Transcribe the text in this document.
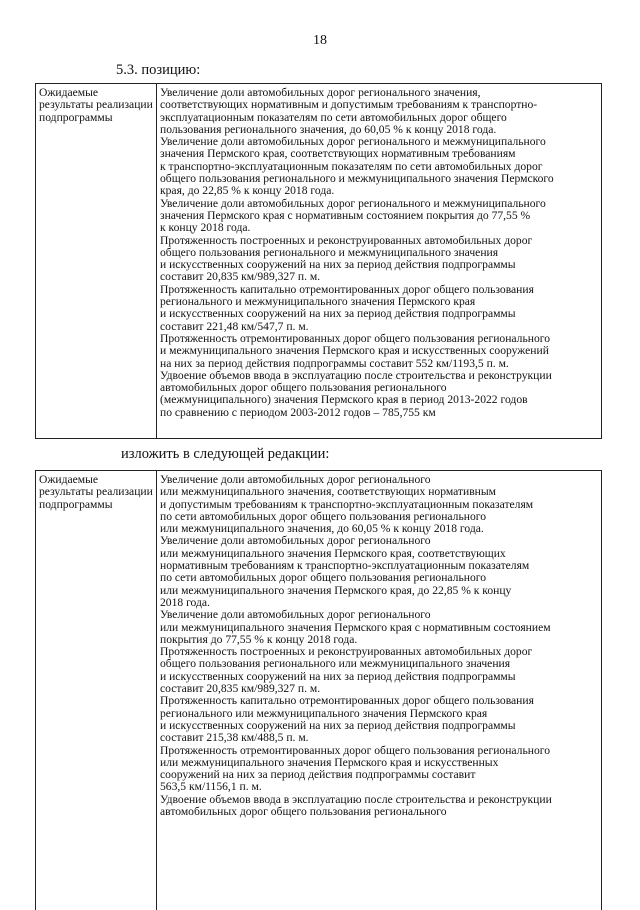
18
5.3. позицию:
Ожидаемые
результаты реализации
подпрограммы

Увеличение доли автомобильных дорог регионального значения,
соответствующих нормативным и допустимым требованиям к транспортно-
эксплуатационным показателям по сети автомобильных дорог общего
пользования регионального значения, до 60,05 % к концу 2018 года.
Увеличение доли автомобильных дорог регионального и межмуниципального
значения Пермского края, соответствующих нормативным требованиям
к транспортно-эксплуатационным показателям по сети автомобильных дорог
общего пользования регионального и межмуниципального значения Пермского
края, до 22,85 % к концу 2018 года.
Увеличение доли автомобильных дорог регионального и межмуниципального
значения Пермского края с нормативным состоянием покрытия до 77,55 %
к концу 2018 года.
Протяженность построенных и реконструированных автомобильных дорог
общего пользования регионального и межмуниципального значения
и искусственных сооружений на них за период действия подпрограммы
составит 20,835 км/989,327 п. м.
Протяженность капитально отремонтированных дорог общего пользования
регионального и межмуниципального значения Пермского края
и искусственных сооружений на них за период действия подпрограммы
составит 221,48 км/547,7 п. м.
Протяженность отремонтированных дорог общего пользования регионального
и межмуниципального значения Пермского края и искусственных сооружений
на них за период действия подпрограммы составит 552 км/1193,5 п. м.
Удвоение объемов ввода в эксплуатацию после строительства и реконструкции
автомобильных дорог общего пользования регионального
(межмуниципального) значения Пермского края в период 2013-2022 годов
по сравнению с периодом 2003-2012 годов – 785,755 км
изложить в следующей редакции:
Ожидаемые
результаты реализации
подпрограммы

Увеличение доли автомобильных дорог регионального
или межмуниципального значения, соответствующих нормативным
и допустимым требованиям к транспортно-эксплуатационным показателям
по сети автомобильных дорог общего пользования регионального
или межмуниципального значения, до 60,05 % к концу 2018 года.
Увеличение доли автомобильных дорог регионального
или межмуниципального значения Пермского края, соответствующих
нормативным требованиям к транспортно-эксплуатационным показателям
по сети автомобильных дорог общего пользования регионального
или межмуниципального значения Пермского края, до 22,85 % к концу
2018 года.
Увеличение доли автомобильных дорог регионального
или межмуниципального значения Пермского края с нормативным состоянием
покрытия до 77,55 % к концу 2018 года.
Протяженность построенных и реконструированных автомобильных дорог
общего пользования регионального или межмуниципального значения
и искусственных сооружений на них за период действия подпрограммы
составит 20,835 км/989,327 п. м.
Протяженность капитально отремонтированных дорог общего пользования
регионального или межмуниципального значения Пермского края
и искусственных сооружений на них за период действия подпрограммы
составит 215,38 км/488,5 п. м.
Протяженность отремонтированных дорог общего пользования регионального
или межмуниципального значения Пермского края и искусственных
сооружений на них за период действия подпрограммы составит
563,5 км/1156,1 п. м.
Удвоение объемов ввода в эксплуатацию после строительства и реконструкции
автомобильных дорог общего пользования регионального
